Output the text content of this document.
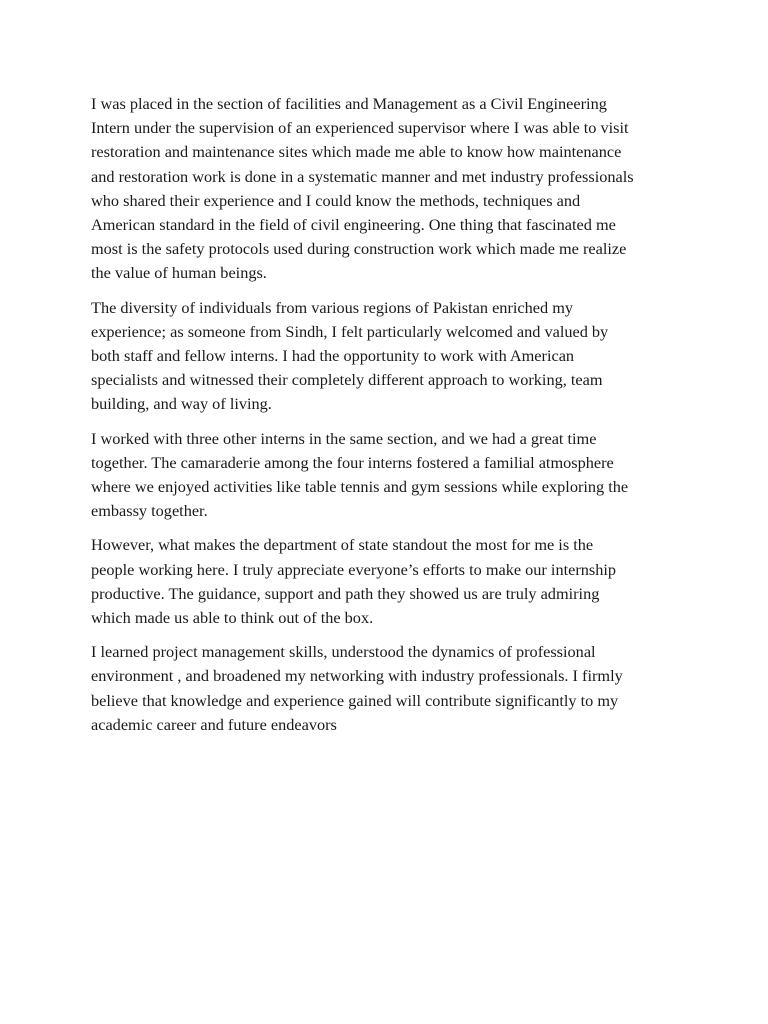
I was placed in the section of facilities and Management as a Civil Engineering
Intern under the supervision of an experienced supervisor where I was able to visit
restoration and maintenance sites which made me able to know how maintenance
and restoration work is done in a systematic manner and met industry professionals
who shared their experience and I could know the methods, techniques and
American standard in the field of civil engineering. One thing that fascinated me
most is the safety protocols used during construction work which made me realize
the value of human beings.

The diversity of individuals from various regions of Pakistan enriched my
experience; as someone from Sindh, I felt particularly welcomed and valued by
both staff and fellow interns. I had the opportunity to work with American
specialists and witnessed their completely different approach to working, team
building, and way of living.

I worked with three other interns in the same section, and we had a great time
together. The camaraderie among the four interns fostered a familial atmosphere
where we enjoyed activities like table tennis and gym sessions while exploring the
embassy together.

However, what makes the department of state standout the most for me is the
people working here. I truly appreciate everyone’s efforts to make our internship
productive. The guidance, support and path they showed us are truly admiring
which made us able to think out of the box.

I learned project management skills, understood the dynamics of professional
environment , and broadened my networking with industry professionals. I firmly
believe that knowledge and experience gained will contribute significantly to my
academic career and future endeavors
